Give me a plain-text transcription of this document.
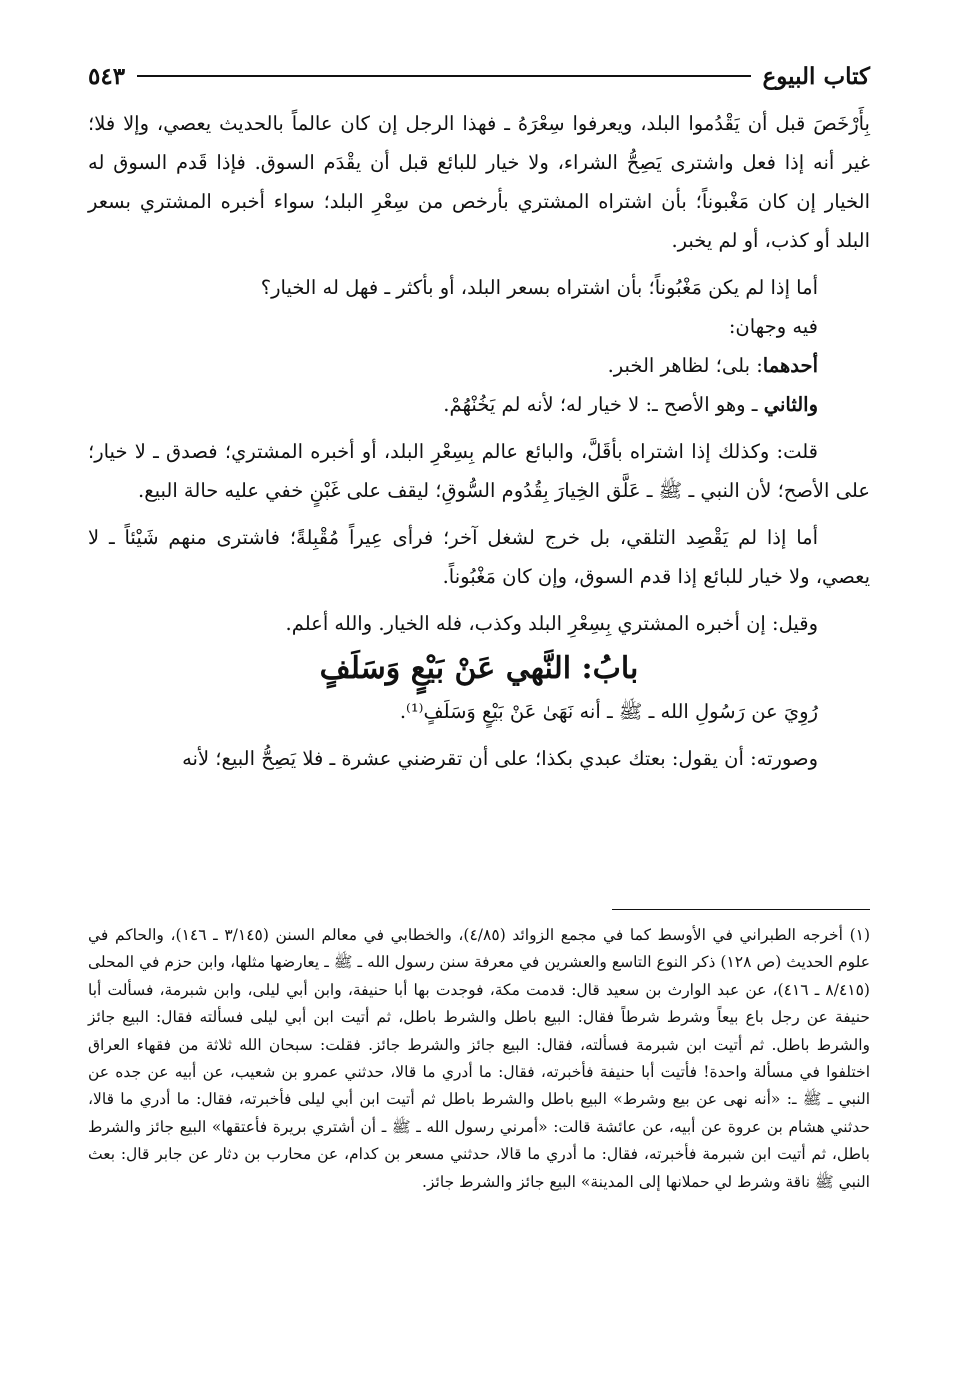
كتاب البيوع
٥٤٣

بِأَرْخَصَ قبل أن يَقْدُموا البلد، ويعرفوا سِعْرَهُ ـ فهذا الرجل إن كان عالماً بالحديث يعصي، وإلا فلا؛ غير أنه إذا فعل واشترى يَصِحُّ الشراء، ولا خيار للبائع قبل أن يقْدَم السوق. فإذا قَدم السوق له الخيار إن كان مَغْبوناً؛ بأن اشتراه المشتري بأرخص من سِعْرِ البلد؛ سواء أخبره المشتري بسعر البلد أو كذب، أو لم يخبر.

أما إذا لم يكن مَغْبُوناً؛ بأن اشتراه بسعر البلد، أو بأكثر ـ فهل له الخيار؟

فيه وجهان:

أحدهما: بلى؛ لظاهر الخبر.

والثاني ـ وهو الأصح ـ: لا خيار له؛ لأنه لم يَخُنْهُمْ.

قلت: وكذلك إذا اشتراه بأقَلَّ، والبائع عالم بِسِعْرِ البلد، أو أخبره المشتري؛ فصدق ـ لا خيار؛ على الأصح؛ لأن النبي ـ ﷺ ـ عَلَّق الخِيارَ بِقُدُوم السُّوقِ؛ ليقف على غَبْنٍ خفي عليه حالة البيع.

أما إذا لم يَقْصِد التلقي، بل خرج لشغل آخر؛ فرأى عِيراً مُقْبِلةً؛ فاشترى منهم شَيْئاً ـ لا يعصي، ولا خيار للبائع إذا قدم السوق، وإن كان مَغْبُوناً.

وقيل: إن أخبره المشتري بِسِعْرِ البلد وكذب، فله الخيار. والله أعلم.

بابُ: النَّهي عَنْ بَيْعٍ وَسَلَفٍ

رُوِيَ عن رَسُولِ الله ـ ﷺ ـ أنه نَهَىٰ عَنْ بَيْعٍ وَسَلَفٍ⁽¹⁾.

وصورته: أن يقول: بعتك عبدي بكذا؛ على أن تقرضني عشرة ـ فلا يَصِحُّ البيع؛ لأنه

(١) أخرجه الطبراني في الأوسط كما في مجمع الزوائد (٤/٨٥)، والخطابي في معالم السنن (٣/١٤٥ ـ ١٤٦)، والحاكم في علوم الحديث (ص ١٢٨) ذكر النوع التاسع والعشرين في معرفة سنن رسول الله ـ ﷺ ـ يعارضها مثلها، وابن حزم في المحلى (٨/٤١٥ ـ ٤١٦)، عن عبد الوارث بن سعيد قال: قدمت مكة، فوجدت بها أبا حنيفة، وابن أبي ليلى، وابن شبرمة، فسألت أبا حنيفة عن رجل باع بيعاً وشرط شرطاً فقال: البيع باطل والشرط باطل، ثم أتيت ابن أبي ليلى فسألته فقال: البيع جائز والشرط باطل. ثم أتيت ابن شبرمة فسألته، فقال: البيع جائز والشرط جائز. فقلت: سبحان الله ثلاثة من فقهاء العراق اختلفوا في مسألة واحدة! فأتيت أبا حنيفة فأخبرته، فقال: ما أدري ما قالا، حدثني عمرو بن شعيب، عن أبيه عن جده عن النبي ـ ﷺ ـ: «أنه نهى عن بيع وشرط» البيع باطل والشرط باطل ثم أتيت ابن أبي ليلى فأخبرته، فقال: ما أدري ما قالا، حدثني هشام بن عروة عن أبيه، عن عائشة قالت: «أمرني رسول الله ـ ﷺ ـ أن أشتري بريرة فأعتقها» البيع جائز والشرط باطل، ثم أتيت ابن شبرمة فأخبرته، فقال: ما أدري ما قالا، حدثني مسعر بن كدام، عن محارب بن دثار عن جابر قال: بعث النبي ﷺ ناقة وشرط لي حملانها إلى المدينة» البيع جائز والشرط جائز.
